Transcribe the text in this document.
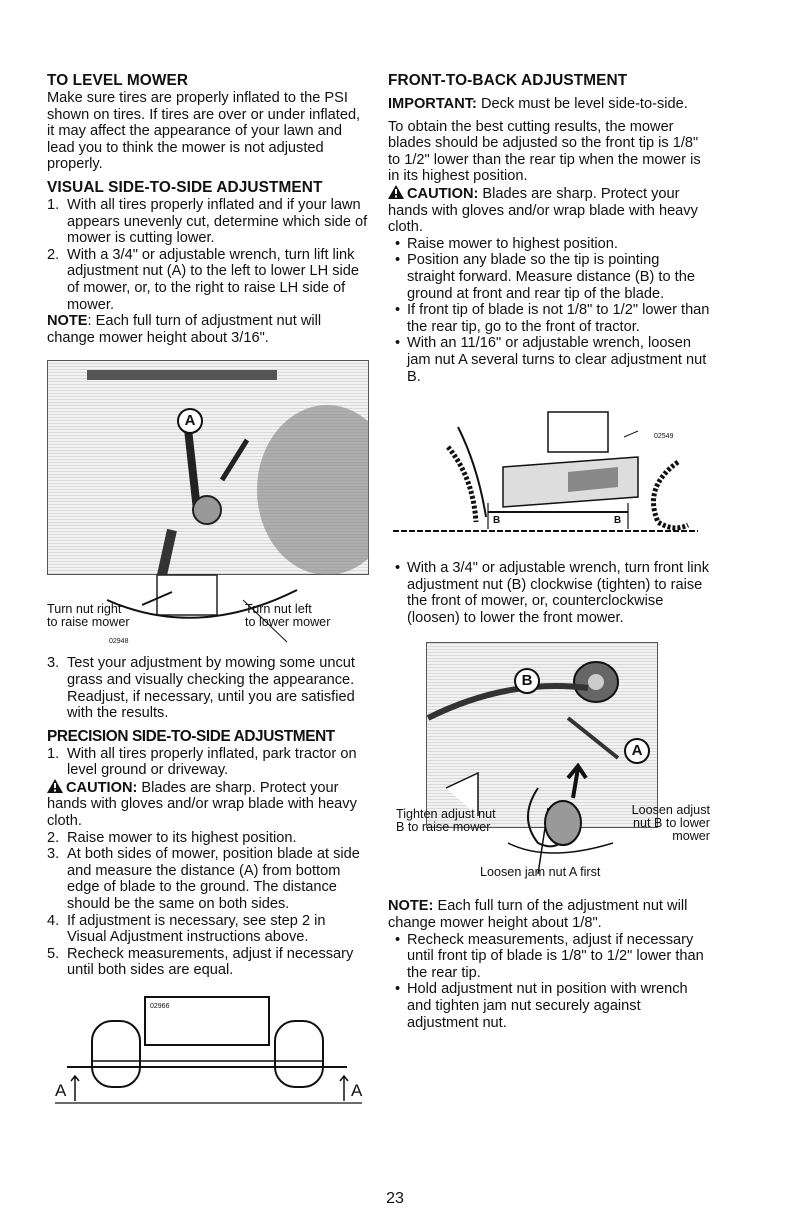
TO LEVEL MOWER

Make sure tires are properly inflated to the PSI shown on tires. If tires are over or under inflated, it may affect the appearance of your lawn and lead you to think the mower is not adjusted properly.

VISUAL SIDE-TO-SIDE ADJUSTMENT
1. With all tires properly inflated and if your lawn appears unevenly cut, determine which side of mower is cutting lower.
2. With a 3/4" or adjustable wrench, turn lift link adjustment nut (A) to the left to lower LH side of mower, or, to the right to raise LH side of mower.

NOTE: Each full turn of adjustment nut will change mower height about 3/16".

A
Turn nut right
to raise mower
Turn nut left
to lower mower
02948
3. Test your adjustment by mowing some uncut grass and visually checking the appearance. Readjust, if necessary, until you are satisfied with the results.
PRECISION SIDE-TO-SIDE ADJUSTMENT
1. With all tires properly inflated, park tractor on level ground or driveway.

CAUTION: Blades are sharp. Protect your hands with gloves and/or wrap blade with heavy cloth.

2. Raise mower to its highest position.
3. At both sides of mower, position blade at side and measure the distance (A) from bottom edge of blade to the ground. The distance should be the same on both sides.
4. If adjustment is necessary, see step 2 in Visual Adjustment instructions above.
5. Recheck measurements, adjust if necessary until both sides are equal.
02966
A	A
FRONT-TO-BACK ADJUSTMENT

IMPORTANT: Deck must be level side-to-side.

To obtain the best cutting results, the mower blades should be adjusted so the front tip is 1/8" to 1/2" lower than the rear tip when the mower is in its highest position.

CAUTION: Blades are sharp. Protect your hands with gloves and/or wrap blade with heavy cloth.

• Raise mower to highest position.
• Position any blade so the tip is pointing straight forward. Measure distance (B) to the ground at front and rear tip of the blade.
• If front tip of blade is not 1/8" to 1/2" lower than the rear tip, go to the front of tractor.
• With an 11/16" or adjustable wrench, loosen jam nut A several turns to clear adjustment nut B.
B	B
02549
• With a 3/4" or adjustable wrench, turn front link adjustment nut (B) clockwise (tighten) to raise the front of mower, or, counterclockwise (loosen) to lower the front mower.
B
A
Tighten adjust nut
B to raise mower
Loosen adjust
nut B to lower
mower
Loosen jam nut A first

NOTE: Each full turn of the adjustment nut will change mower height about 1/8".

• Recheck measurements, adjust if necessary until front tip of blade is 1/8" to 1/2" lower than the rear tip.
• Hold adjustment nut in position with wrench and tighten jam nut securely against adjustment nut.
23
